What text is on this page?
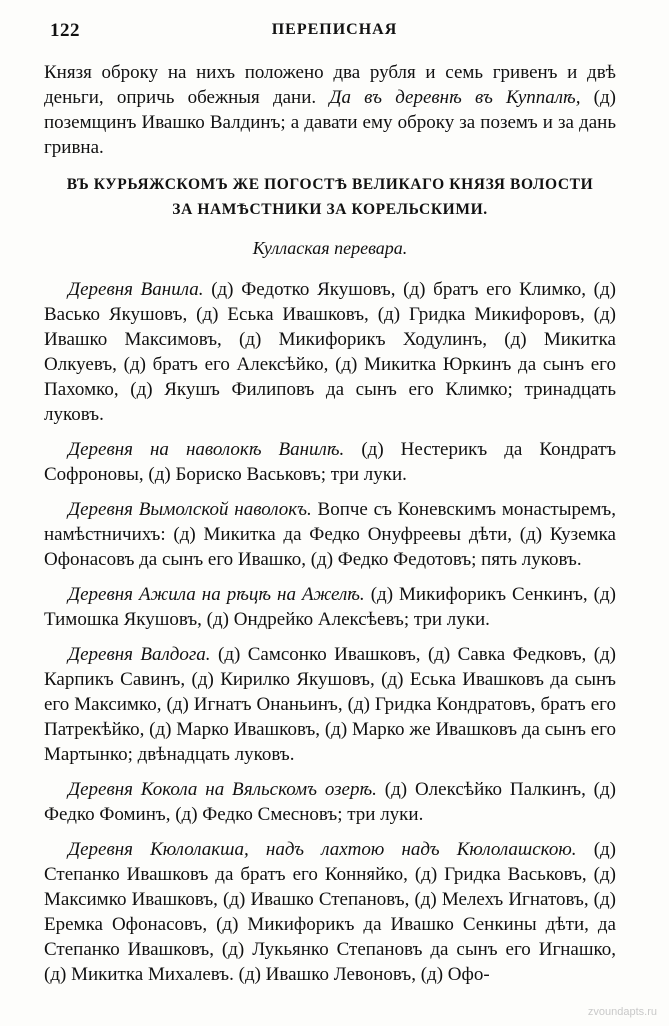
122	ПЕРЕПИСНАЯ

Князя оброку на нихъ положено два рубля и семь гривенъ и двѣ деньги, опричь обежныя дани. Да въ деревнѣ въ Куппалѣ, (д) поземщинъ Ивашко Валдинъ; а давати ему оброку за поземъ и за дань гривна.

ВЪ КУРЬЯЖСКОМЪ ЖЕ ПОГОСТѢ ВЕЛИКАГО КНЯЗЯ ВОЛОСТИ
ЗА НАМѢСТНИКИ ЗА КОРЕЛЬСКИМИ.
Куллаская перевара.

Деревня Ванила. (д) Федотко Якушовъ, (д) братъ его Климко, (д) Васько Якушовъ, (д) Еська Ивашковъ, (д) Гридка Микифоровъ, (д) Ивашко Максимовъ, (д) Микифорикъ Ходулинъ, (д) Микитка Олкуевъ, (д) братъ его Алексѣйко, (д) Микитка Юркинъ да сынъ его Пахомко, (д) Якушъ Филиповъ да сынъ его Климко; тринадцать луковъ.

Деревня на наволокѣ Ванилѣ. (д) Нестерикъ да Кондратъ Софроновы, (д) Бориско Васьковъ; три луки.

Деревня Вымолской наволокъ. Вопче съ Коневскимъ монастыремъ, намѣстничихъ: (д) Микитка да Федко Онуфреевы дѣти, (д) Куземка Офонасовъ да сынъ его Ивашко, (д) Федко Федотовъ; пять луковъ.

Деревня Ажила на рѣцѣ на Ажелѣ. (д) Микифорикъ Сенкинъ, (д) Тимошка Якушовъ, (д) Ондрейко Алексѣевъ; три луки.

Деревня Валдога. (д) Самсонко Ивашковъ, (д) Савка Федковъ, (д) Карпикъ Савинъ, (д) Кирилко Якушовъ, (д) Еська Ивашковъ да сынъ его Максимко, (д) Игнатъ Онаньинъ, (д) Гридка Кондратовъ, братъ его Патрекѣйко, (д) Марко Ивашковъ, (д) Марко же Ивашковъ да сынъ его Мартынко; двѣнадцать луковъ.

Деревня Кокола на Вяльскомъ озерѣ. (д) Олексѣйко Палкинъ, (д) Федко Фоминъ, (д) Федко Смеcновъ; три луки.

Деревня Кюлолакша, надъ лахтою надъ Кюлолашскою. (д) Степанко Ивашковъ да братъ его Конняйко, (д) Гридка Васьковъ, (д) Максимко Ивашковъ, (д) Ивашко Степановъ, (д) Мелехъ Игнатовъ, (д) Еремка Офонасовъ, (д) Микифорикъ да Ивашко Сенкины дѣти, да Степанко Ивашковъ, (д) Лукьянко Степановъ да сынъ его Игнашко, (д) Микитка Михалевъ. (д) Ивашко Левоновъ, (д) Офо-

zvoundapts.ru
